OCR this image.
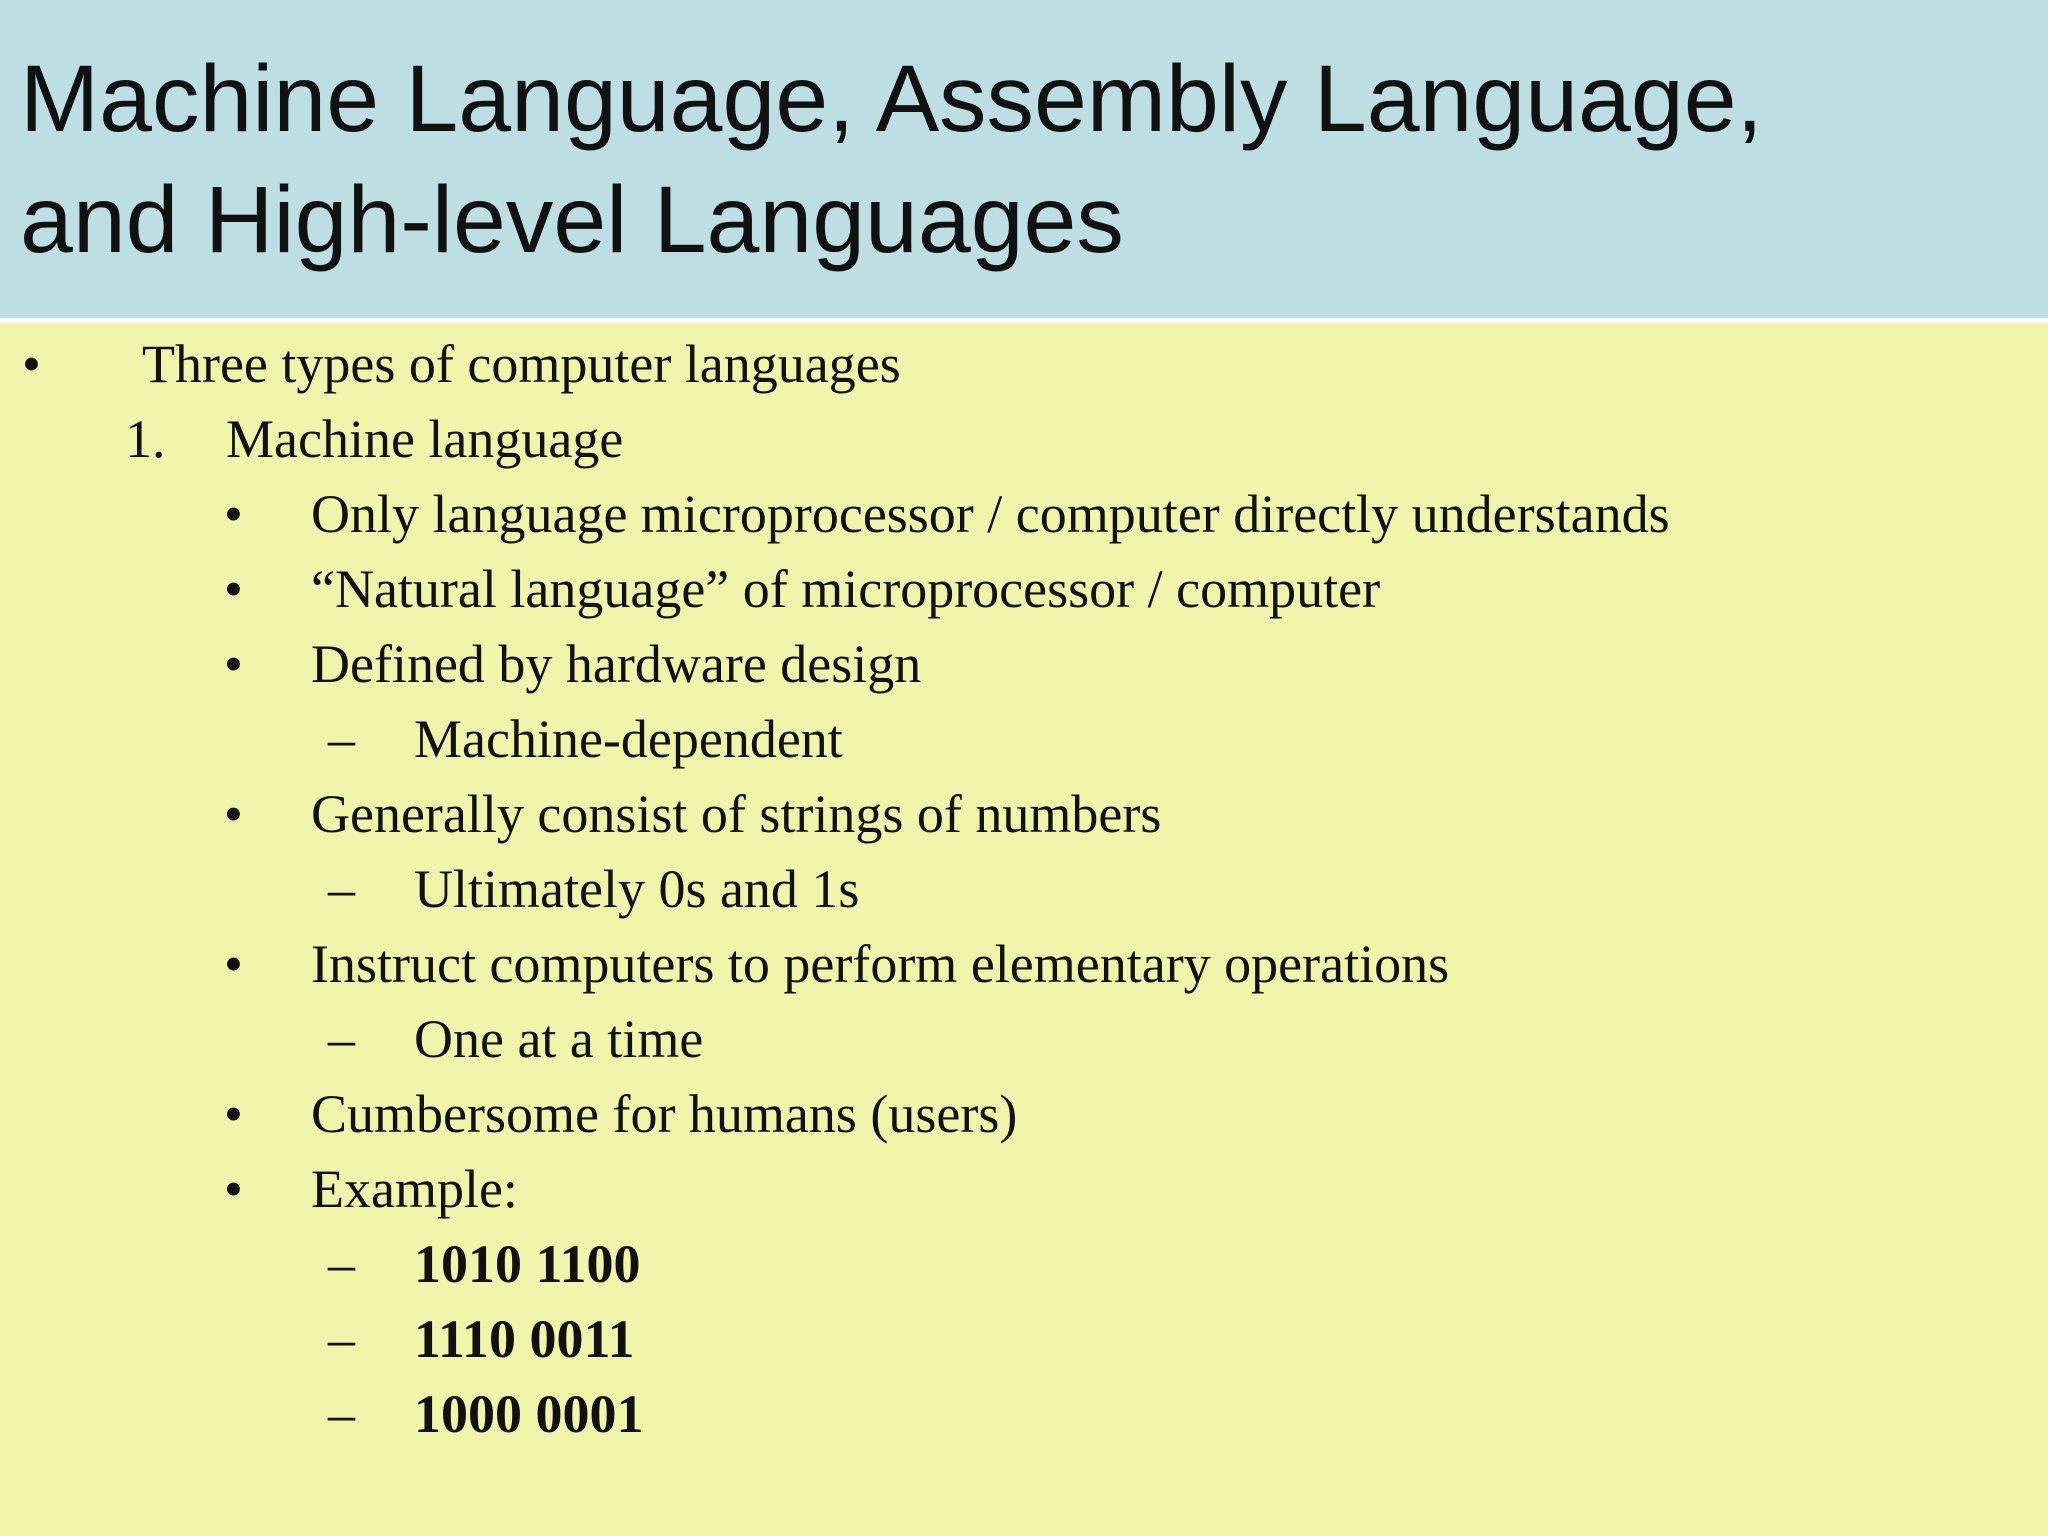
Machine Language, Assembly Language,
and High-level Languages
• Three types of computer languages
1. Machine language
• Only language microprocessor / computer directly understands
• “Natural language” of microprocessor / computer
• Defined by hardware design
– Machine-dependent
• Generally consist of strings of numbers
– Ultimately 0s and 1s
• Instruct computers to perform elementary operations
– One at a time
• Cumbersome for humans (users)
• Example:
– 1010 1100
– 1110 0011
– 1000 0001
